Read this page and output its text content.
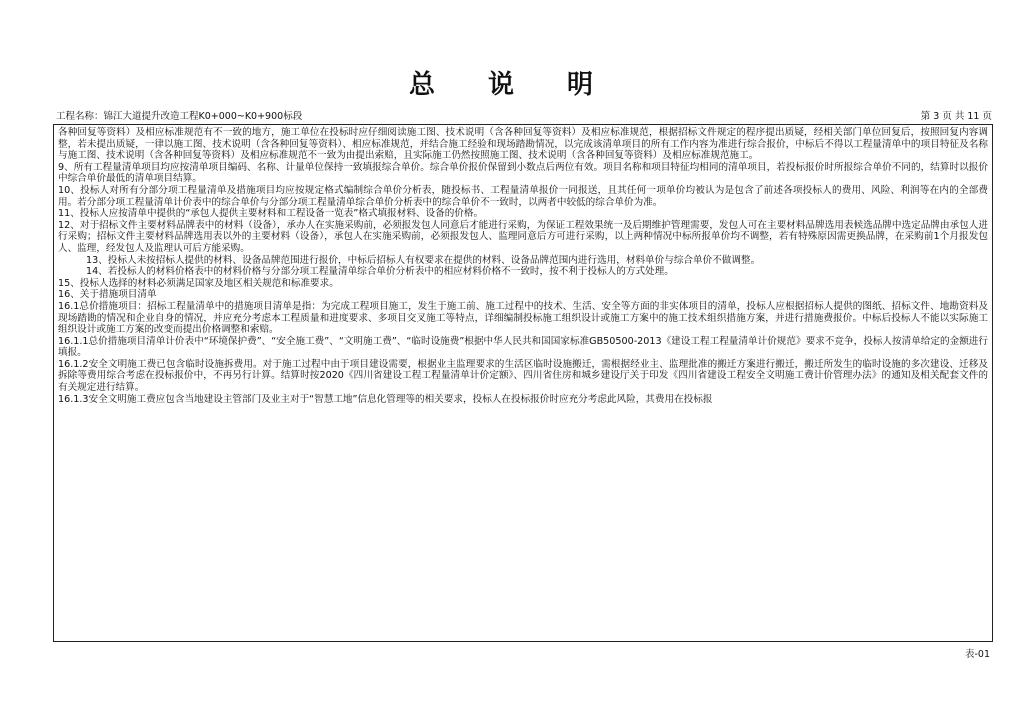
总 说 明
工程名称：锦江大道提升改造工程K0+000~K0+900标段	第 3 页 共 11 页

各种回复等资料）及相应标准规范有不一致的地方，施工单位在投标时应仔细阅读施工图、技术说明（含各种回复等资料）及相应标准规范，根据招标文件规定的程序提出质疑，经相关部门单位回复后，按照回复内容调整，若未提出质疑，一律以施工图、技术说明（含各种回复等资料）、相应标准规范，并结合施工经验和现场踏勘情况，以完成该清单项目的所有工作内容为准进行综合报价，中标后不得以工程量清单中的项目特征及名称与施工图、技术说明（含各种回复等资料）及相应标准规范不一致为由提出索赔，且实际施工仍然按照施工图、技术说明（含各种回复等资料）及相应标准规范施工。

9、所有工程量清单项目均应按清单项目编码、名称、计量单位保持一致填报综合单价。综合单价报价保留到小数点后两位有效。项目名称和项目特征均相同的清单项目，若投标报价时所报综合单价不同的，结算时以报价中综合单价最低的清单项目结算。

10、投标人对所有分部分项工程量清单及措施项目均应按规定格式编制综合单价分析表，随投标书、工程量清单报价一同报送，且其任何一项单价均被认为是包含了前述各项投标人的费用、风险、利润等在内的全部费用。若分部分项工程量清单计价表中的综合单价与分部分项工程量清单综合单价分析表中的综合单价不一致时，以两者中较低的综合单价为准。

11、投标人应按清单中提供的“承包人提供主要材料和工程设备一览表”格式填报材料、设备的价格。

12、对于招标文件主要材料品牌表中的材料（设备），承办人在实施采购前，必须报发包人同意后才能进行采购，为保证工程效果统一及后期维护管理需要，发包人可在主要材料品牌选用表候选品牌中选定品牌由承包人进行采购；招标文件主要材料品牌选用表以外的主要材料（设备），承包人在实施采购前，必须报发包人、监理同意后方可进行采购，以上两种情况中标所报单价均不调整，若有特殊原因需更换品牌，在采购前1个月报发包人、监理，经发包人及监理认可后方能采购。

13、投标人未按招标人提供的材料、设备品牌范围进行报价，中标后招标人有权要求在提供的材料、设备品牌范围内进行选用，材料单价与综合单价不做调整。

14、若投标人的材料价格表中的材料价格与分部分项工程量清单综合单价分析表中的相应材料价格不一致时，按不利于投标人的方式处理。

15、投标人选择的材料必须满足国家及地区相关规范和标准要求。

16、关于措施项目清单

16.1总价措施项目：招标工程量清单中的措施项目清单是指：为完成工程项目施工，发生于施工前、施工过程中的技术、生活、安全等方面的非实体项目的清单，投标人应根据招标人提供的图纸、招标文件、地勘资料及现场踏勘的情况和企业自身的情况，并应充分考虑本工程质量和进度要求、多项目交叉施工等特点，详细编制投标施工组织设计或施工方案中的施工技术组织措施方案，并进行措施费报价。中标后投标人不能以实际施工组织设计或施工方案的改变而提出价格调整和索赔。

16.1.1总价措施项目清单计价表中“环境保护费”、“安全施工费”、“文明施工费”、“临时设施费”根据中华人民共和国国家标准GB50500-2013《建设工程工程量清单计价规范》要求不竞争，投标人按清单给定的金额进行填报。

16.1.2安全文明施工费已包含临时设施拆费用。对于施工过程中由于项目建设需要，根据业主监理要求的生活区临时设施搬迁，需根据经业主、监理批准的搬迁方案进行搬迁，搬迁所发生的临时设施的多次建设、迁移及拆除等费用综合考虑在投标报价中，不再另行计算。结算时按2020《四川省建设工程工程量清单计价定额》、四川省住房和城乡建设厅关于印发《四川省建设工程安全文明施工费计价管理办法》的通知及相关配套文件的有关规定进行结算。

16.1.3安全文明施工费应包含当地建设主管部门及业主对于“智慧工地”信息化管理等的相关要求，投标人在投标报价时应充分考虑此风险，其费用在投标报

表-01
